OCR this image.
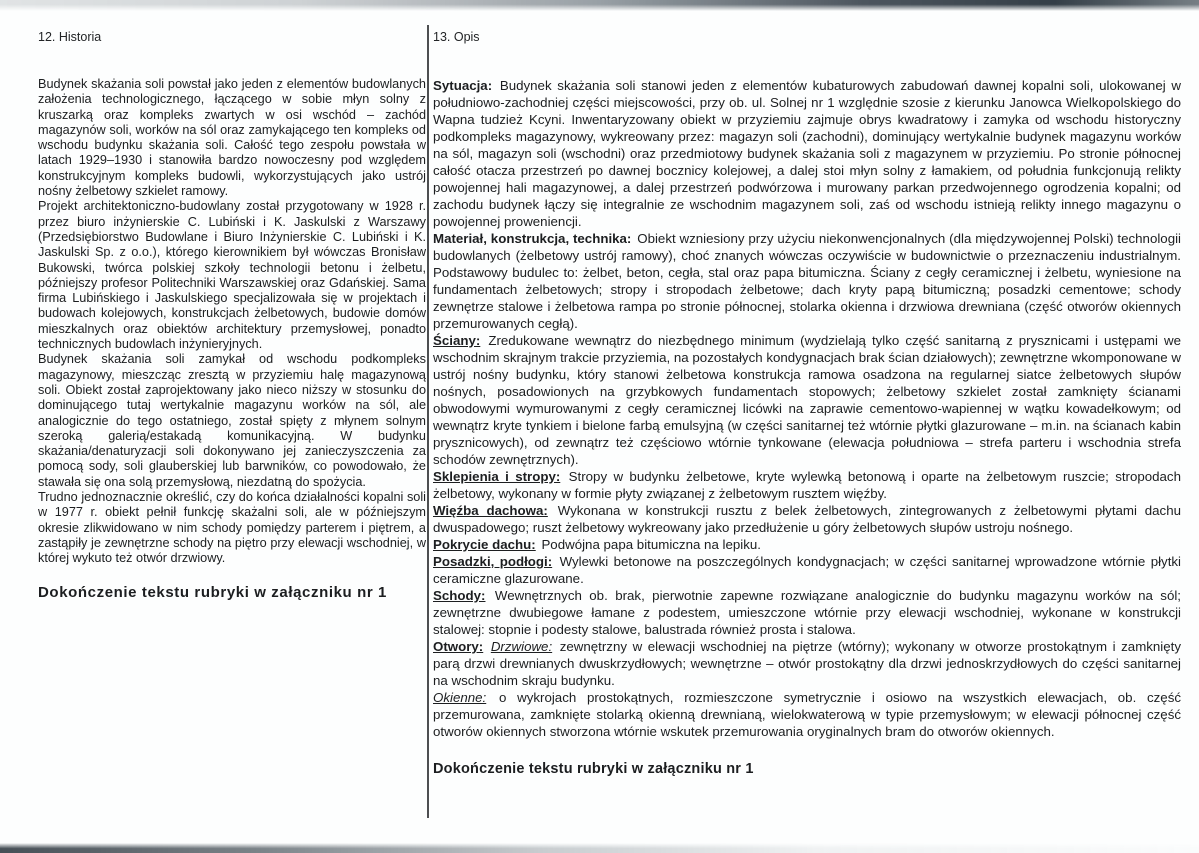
12. Historia

Budynek skażania soli powstał jako jeden z elementów budowlanych założenia technologicznego, łączącego w sobie młyn solny z kruszarką oraz kompleks zwartych w osi wschód – zachód magazynów soli, worków na sól oraz zamykającego ten kompleks od wschodu budynku skażania soli. Całość tego zespołu powstała w latach 1929–1930 i stanowiła bardzo nowoczesny pod względem konstrukcyjnym kompleks budowli, wykorzystujących jako ustrój nośny żelbetowy szkielet ramowy.

Projekt architektoniczno-budowlany został przygotowany w 1928 r. przez biuro inżynierskie C. Lubiński i K. Jaskulski z Warszawy (Przedsiębiorstwo Budowlane i Biuro Inżynierskie C. Lubiński i K. Jaskulski Sp. z o.o.), którego kierownikiem był wówczas Bronisław Bukowski, twórca polskiej szkoły technologii betonu i żelbetu, późniejszy profesor Politechniki Warszawskiej oraz Gdańskiej. Sama firma Lubińskiego i Jaskulskiego specjalizowała się w projektach i budowach kolejowych, konstrukcjach żelbetowych, budowie domów mieszkalnych oraz obiektów architektury przemysłowej, ponadto technicznych budowlach inżynieryjnych.

Budynek skażania soli zamykał od wschodu podkompleks magazynowy, mieszcząc zresztą w przyziemiu halę magazynową soli. Obiekt został zaprojektowany jako nieco niższy w stosunku do dominującego tutaj wertykalnie magazynu worków na sól, ale analogicznie do tego ostatniego, został spięty z młynem solnym szeroką galerią/estakadą komunikacyjną. W budynku skażania/denaturyzacji soli dokonywano jej zanieczyszczenia za pomocą sody, soli glauberskiej lub barwników, co powodowało, że stawała się ona solą przemysłową, niezdatną do spożycia.

Trudno jednoznacznie określić, czy do końca działalności kopalni soli w 1977 r. obiekt pełnił funkcję skażalni soli, ale w późniejszym okresie zlikwidowano w nim schody pomiędzy parterem i piętrem, a zastąpiły je zewnętrzne schody na piętro przy elewacji wschodniej, w której wykuto też otwór drzwiowy.

Dokończenie tekstu rubryki w załączniku nr 1

13. Opis

Sytuacja: Budynek skażania soli stanowi jeden z elementów kubaturowych zabudowań dawnej kopalni soli, ulokowanej w południowo-zachodniej części miejscowości, przy ob. ul. Solnej nr 1 względnie szosie z kierunku Janowca Wielkopolskiego do Wapna tudzież Kcyni. Inwentaryzowany obiekt w przyziemiu zajmuje obrys kwadratowy i zamyka od wschodu historyczny podkompleks magazynowy, wykreowany przez: magazyn soli (zachodni), dominujący wertykalnie budynek magazynu worków na sól, magazyn soli (wschodni) oraz przedmiotowy budynek skażania soli z magazynem w przyziemiu. Po stronie północnej całość otacza przestrzeń po dawnej bocznicy kolejowej, a dalej stoi młyn solny z łamakiem, od południa funkcjonują relikty powojennej hali magazynowej, a dalej przestrzeń podwórzowa i murowany parkan przedwojennego ogrodzenia kopalni; od zachodu budynek łączy się integralnie ze wschodnim magazynem soli, zaś od wschodu istnieją relikty innego magazynu o powojennej proweniencji.

Materiał, konstrukcja, technika: Obiekt wzniesiony przy użyciu niekonwencjonalnych (dla międzywojennej Polski) technologii budowlanych (żelbetowy ustrój ramowy), choć znanych wówczas oczywiście w budownictwie o przeznaczeniu industrialnym. Podstawowy budulec to: żelbet, beton, cegła, stal oraz papa bitumiczna. Ściany z cegły ceramicznej i żelbetu, wyniesione na fundamentach żelbetowych; stropy i stropodach żelbetowe; dach kryty papą bitumiczną; posadzki cementowe; schody zewnętrze stalowe i żelbetowa rampa po stronie północnej, stolarka okienna i drzwiowa drewniana (część otworów okiennych przemurowanych cegłą).

Ściany: Zredukowane wewnątrz do niezbędnego minimum (wydzielają tylko część sanitarną z prysznicami i ustępami we wschodnim skrajnym trakcie przyziemia, na pozostałych kondygnacjach brak ścian działowych); zewnętrzne wkomponowane w ustrój nośny budynku, który stanowi żelbetowa konstrukcja ramowa osadzona na regularnej siatce żelbetowych słupów nośnych, posadowionych na grzybkowych fundamentach stopowych; żelbetowy szkielet został zamknięty ścianami obwodowymi wymurowanymi z cegły ceramicznej licówki na zaprawie cementowo-wapiennej w wątku kowadełkowym; od wewnątrz kryte tynkiem i bielone farbą emulsyjną (w części sanitarnej też wtórnie płytki glazurowane – m.in. na ścianach kabin prysznicowych), od zewnątrz też częściowo wtórnie tynkowane (elewacja południowa – strefa parteru i wschodnia strefa schodów zewnętrznych).

Sklepienia i stropy: Stropy w budynku żelbetowe, kryte wylewką betonową i oparte na żelbetowym ruszcie; stropodach żelbetowy, wykonany w formie płyty związanej z żelbetowym rusztem więźby.

Więźba dachowa: Wykonana w konstrukcji rusztu z belek żelbetowych, zintegrowanych z żelbetowymi płytami dachu dwuspadowego; ruszt żelbetowy wykreowany jako przedłużenie u góry żelbetowych słupów ustroju nośnego.

Pokrycie dachu: Podwójna papa bitumiczna na lepiku.

Posadzki, podłogi: Wylewki betonowe na poszczególnych kondygnacjach; w części sanitarnej wprowadzone wtórnie płytki ceramiczne glazurowane.

Schody: Wewnętrznych ob. brak, pierwotnie zapewne rozwiązane analogicznie do budynku magazynu worków na sól; zewnętrzne dwubiegowe łamane z podestem, umieszczone wtórnie przy elewacji wschodniej, wykonane w konstrukcji stalowej: stopnie i podesty stalowe, balustrada również prosta i stalowa.

Otwory: Drzwiowe: zewnętrzny w elewacji wschodniej na piętrze (wtórny); wykonany w otworze prostokątnym i zamknięty parą drzwi drewnianych dwuskrzydłowych; wewnętrzne – otwór prostokątny dla drzwi jednoskrzydłowych do części sanitarnej na wschodnim skraju budynku.

Okienne: o wykrojach prostokątnych, rozmieszczone symetrycznie i osiowo na wszystkich elewacjach, ob. część przemurowana, zamknięte stolarką okienną drewnianą, wielokwaterową w typie przemysłowym; w elewacji północnej część otworów okiennych stworzona wtórnie wskutek przemurowania oryginalnych bram do otworów okiennych.

Dokończenie tekstu rubryki w załączniku nr 1
